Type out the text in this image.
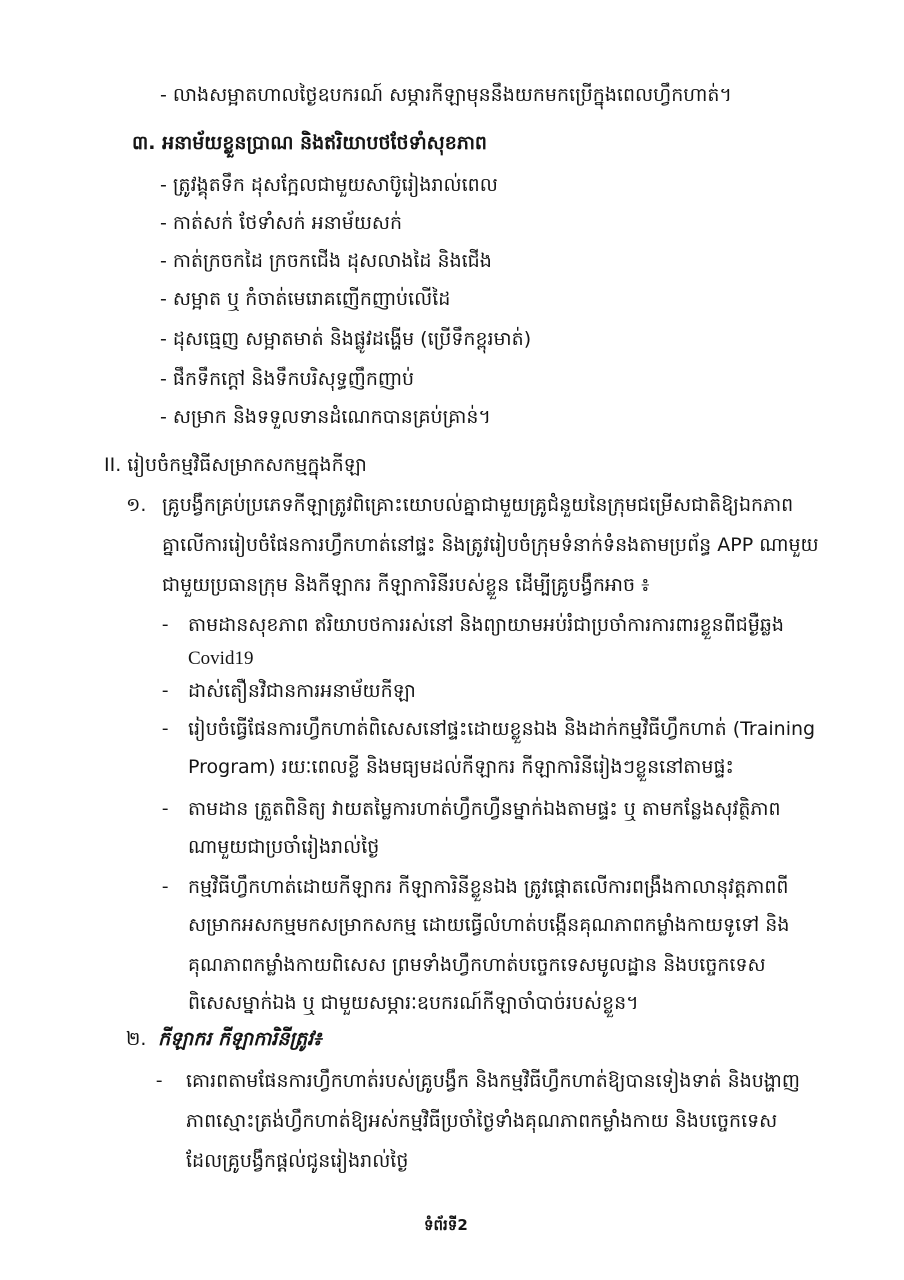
- លាងសម្អាតហាលថ្ងៃឧបករណ៍ សម្ភារកីឡាមុននឹងយកមកប្រើក្នុងពេលហ្វឹកហាត់។
៣. អនាម័យខ្លួនប្រាណ និងឥរិយាបថថែទាំសុខភាព
- ត្រូវង្គុតទឹក ដុសក្អែលជាមួយសាប៊ូរៀងរាល់ពេល
- កាត់សក់ ថែទាំសក់ អនាម័យសក់
- កាត់ក្រចកដៃ ក្រចកជើង ដុសលាងដៃ និងជើង
- សម្អាត ឬ កំចាត់មេរោគញើកញាប់លើដៃ
- ដុសធ្មេញ សម្អាតមាត់ និងផ្លូវដង្ហើម (ប្រើទឹកខ្ពុរមាត់)
- ផឹកទឹកក្តៅ និងទឹកបរិសុទ្ធញឹកញាប់
- សម្រាក និងទទួលទានដំណេកបានគ្រប់គ្រាន់។
II. រៀបចំកម្មវិធីសម្រាកសកម្មក្នុងកីឡា
១. គ្រូបង្វឹកគ្រប់ប្រភេទកីឡាត្រូវពិគ្រោះយោបល់គ្នាជាមួយគ្រូជំនួយនៃក្រុមជម្រើសជាតិឱ្យឯកភាព
គ្នាលើការរៀបចំផែនការហ្វឹកហាត់នៅផ្ទះ និងត្រូវរៀបចំក្រុមទំនាក់ទំនងតាមប្រព័ន្ធ APP ណាមួយ
ជាមួយប្រធានក្រុម និងកីឡាករ កីឡាការិនីរបស់ខ្លួន ដើម្បីគ្រូបង្វឹកអាច ៖
- តាមដានសុខភាព ឥរិយាបថការរស់នៅ និងព្យាយាមអប់រំជាប្រចាំការការពារខ្លួនពីជម្ងឺឆ្លង
Covid19
- ដាស់តឿនវិជានការអនាម័យកីឡា
- រៀបចំធ្វើផែនការហ្វឹកហាត់ពិសេសនៅផ្ទះដោយខ្លួនឯង និងដាក់កម្មវិធីហ្វឹកហាត់ (Training
Program) រយៈពេលខ្លី និងមធ្យមដល់កីឡាករ កីឡាការិនីរៀងៗខ្លួននៅតាមផ្ទះ
- តាមដាន ត្រួតពិនិត្យ វាយតម្លៃការហាត់ហ្វឹកហ្វឺនម្នាក់ឯងតាមផ្ទះ ឬ តាមកន្លែងសុវត្ថិភាព
ណាមួយជាប្រចាំរៀងរាល់ថ្ងៃ
- កម្មវិធីហ្វឹកហាត់ដោយកីឡាករ កីឡាការិនីខ្លួនឯង ត្រូវផ្តោតលើការពង្រឹងកាលានុវត្តភាពពី
សម្រាកអសកម្មមកសម្រាកសកម្ម ដោយធ្វើលំហាត់បង្កើនគុណភាពកម្លាំងកាយទូទៅ និង
គុណភាពកម្លាំងកាយពិសេស ព្រមទាំងហ្វឹកហាត់បច្ចេកទេសមូលដ្ឋាន និងបច្ចេកទេស
ពិសេសម្នាក់ឯង ឬ ជាមួយសម្ភារៈឧបករណ៍កីឡាចាំបាច់របស់ខ្លួន។
២. កីឡាករ កីឡាការិនីត្រូវ៖
- គោរពតាមផែនការហ្វឹកហាត់របស់គ្រូបង្វឹក និងកម្មវិធីហ្វឹកហាត់ឱ្យបានទៀងទាត់ និងបង្ហាញ
ភាពស្មោះត្រង់ហ្វឹកហាត់ឱ្យអស់កម្មវិធីប្រចាំថ្ងៃទាំងគុណភាពកម្លាំងកាយ និងបច្ចេកទេស
ដែលគ្រូបង្វឹកផ្តល់ជូនរៀងរាល់ថ្ងៃ
ទំព័រទី2
